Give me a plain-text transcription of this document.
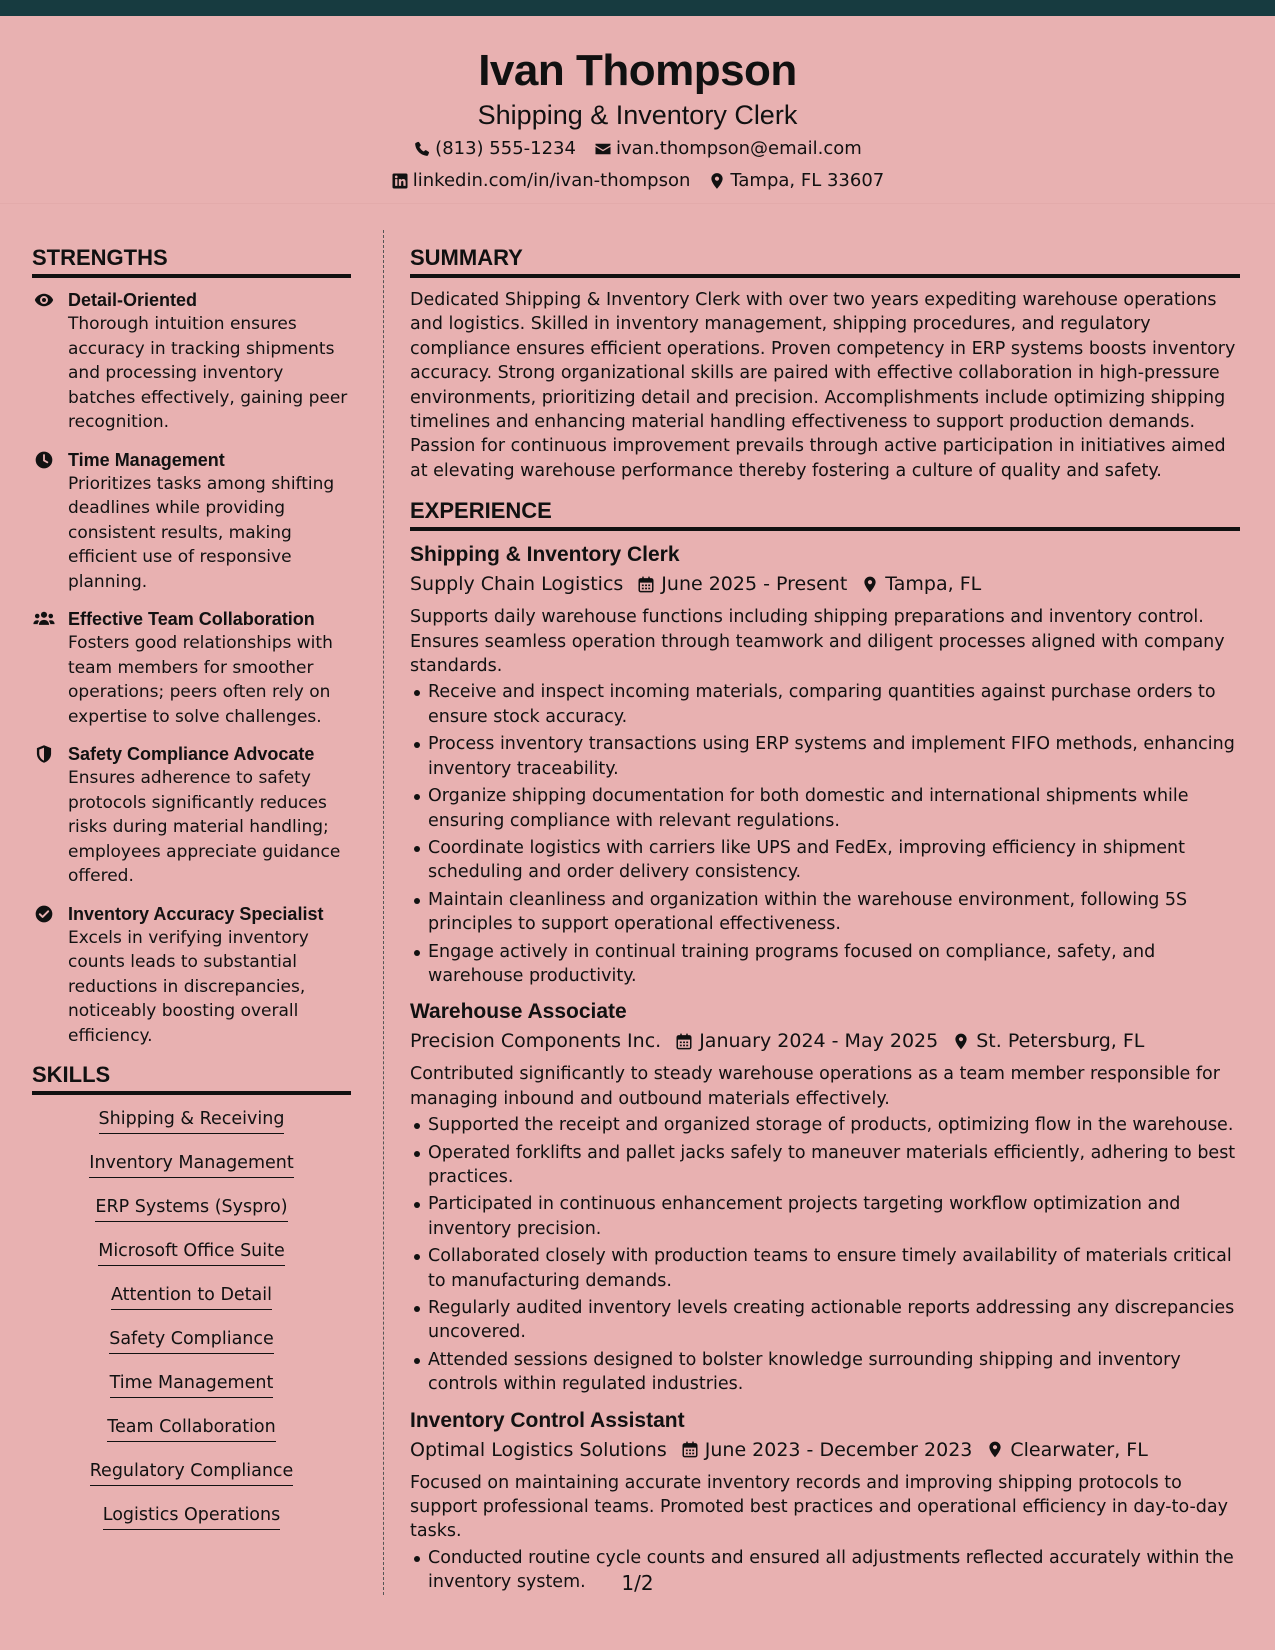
Ivan Thompson
Shipping & Inventory Clerk
(813) 555-1234 ivan.thompson@email.com
linkedin.com/in/ivan-thompson Tampa, FL 33607
STRENGTHS
Detail-Oriented
Thorough intuition ensures accuracy in tracking shipments and processing inventory batches effectively, gaining peer recognition.
Time Management
Prioritizes tasks among shifting deadlines while providing consistent results, making efficient use of responsive planning.
Effective Team Collaboration
Fosters good relationships with team members for smoother operations; peers often rely on expertise to solve challenges.
Safety Compliance Advocate
Ensures adherence to safety protocols significantly reduces risks during material handling; employees appreciate guidance offered.
Inventory Accuracy Specialist
Excels in verifying inventory counts leads to substantial reductions in discrepancies, noticeably boosting overall efficiency.
SKILLS
Shipping & Receiving
Inventory Management
ERP Systems (Syspro)
Microsoft Office Suite
Attention to Detail
Safety Compliance
Time Management
Team Collaboration
Regulatory Compliance
Logistics Operations
SUMMARY
Dedicated Shipping & Inventory Clerk with over two years expediting warehouse operations and logistics. Skilled in inventory management, shipping procedures, and regulatory compliance ensures efficient operations. Proven competency in ERP systems boosts inventory accuracy. Strong organizational skills are paired with effective collaboration in high-pressure environments, prioritizing detail and precision. Accomplishments include optimizing shipping timelines and enhancing material handling effectiveness to support production demands. Passion for continuous improvement prevails through active participation in initiatives aimed at elevating warehouse performance thereby fostering a culture of quality and safety.
EXPERIENCE
Shipping & Inventory Clerk
Supply Chain Logistics June 2025 - Present Tampa, FL
Supports daily warehouse functions including shipping preparations and inventory control. Ensures seamless operation through teamwork and diligent processes aligned with company standards.
Receive and inspect incoming materials, comparing quantities against purchase orders to ensure stock accuracy.
Process inventory transactions using ERP systems and implement FIFO methods, enhancing inventory traceability.
Organize shipping documentation for both domestic and international shipments while ensuring compliance with relevant regulations.
Coordinate logistics with carriers like UPS and FedEx, improving efficiency in shipment scheduling and order delivery consistency.
Maintain cleanliness and organization within the warehouse environment, following 5S principles to support operational effectiveness.
Engage actively in continual training programs focused on compliance, safety, and warehouse productivity.
Warehouse Associate
Precision Components Inc. January 2024 - May 2025 St. Petersburg, FL
Contributed significantly to steady warehouse operations as a team member responsible for managing inbound and outbound materials effectively.
Supported the receipt and organized storage of products, optimizing flow in the warehouse.
Operated forklifts and pallet jacks safely to maneuver materials efficiently, adhering to best practices.
Participated in continuous enhancement projects targeting workflow optimization and inventory precision.
Collaborated closely with production teams to ensure timely availability of materials critical to manufacturing demands.
Regularly audited inventory levels creating actionable reports addressing any discrepancies uncovered.
Attended sessions designed to bolster knowledge surrounding shipping and inventory controls within regulated industries.
Inventory Control Assistant
Optimal Logistics Solutions June 2023 - December 2023 Clearwater, FL
Focused on maintaining accurate inventory records and improving shipping protocols to support professional teams. Promoted best practices and operational efficiency in day-to-day tasks.
Conducted routine cycle counts and ensured all adjustments reflected accurately within the inventory system.	1/2
